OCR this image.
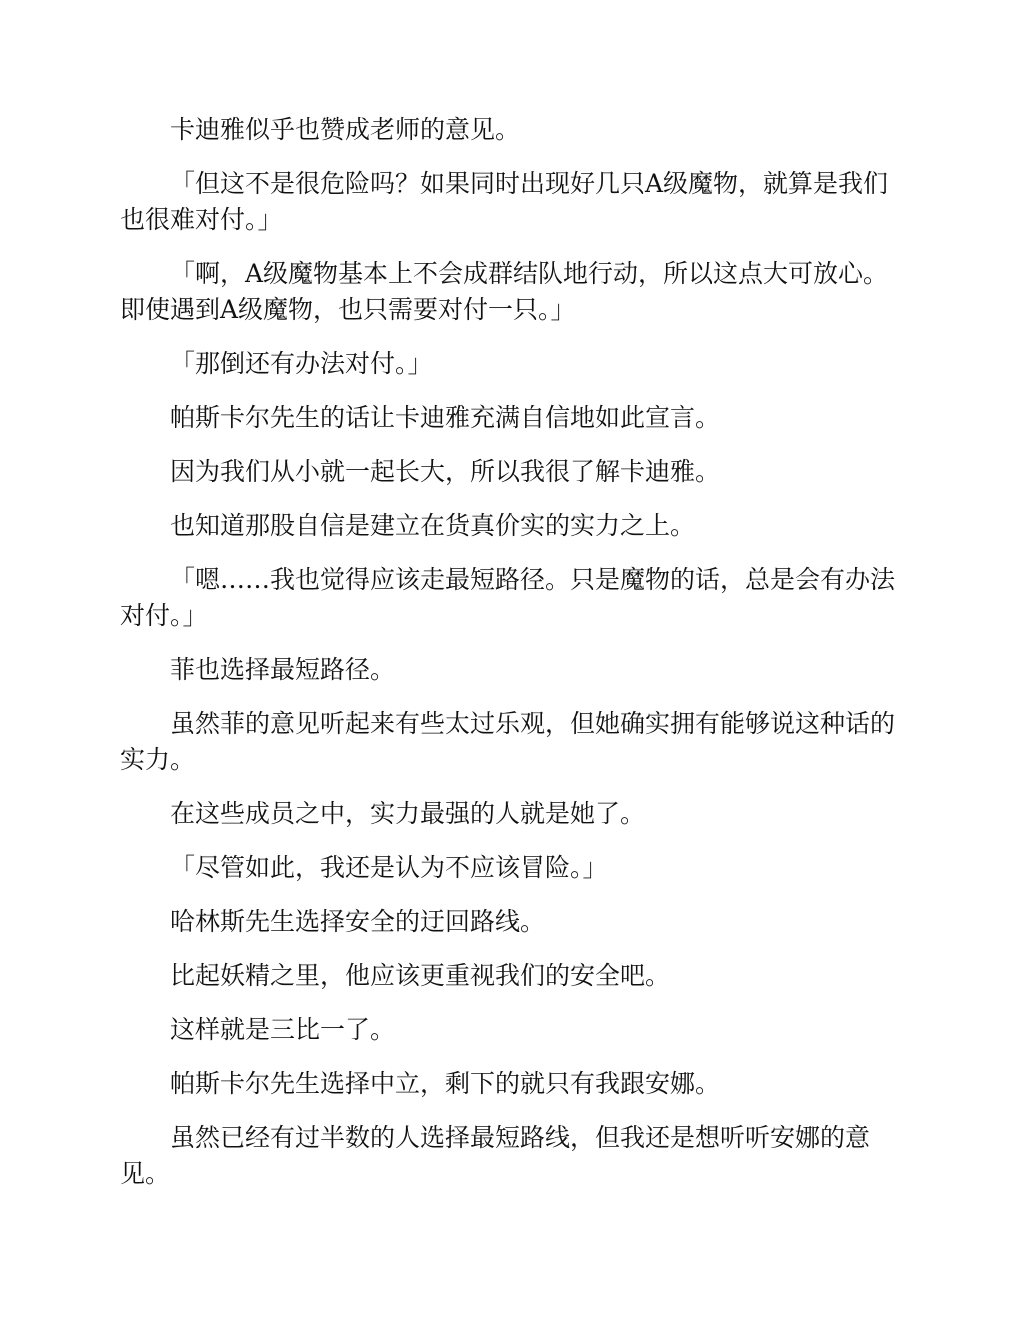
卡迪雅似乎也赞成老师的意见。

「但这不是很危险吗？如果同时出现好几只A级魔物，就算是我们也很难对付。」

「啊，A级魔物基本上不会成群结队地行动，所以这点大可放心。即使遇到A级魔物，也只需要对付一只。」

「那倒还有办法对付。」

帕斯卡尔先生的话让卡迪雅充满自信地如此宣言。

因为我们从小就一起长大，所以我很了解卡迪雅。

也知道那股自信是建立在货真价实的实力之上。

「嗯……我也觉得应该走最短路径。只是魔物的话，总是会有办法对付。」

菲也选择最短路径。

虽然菲的意见听起来有些太过乐观，但她确实拥有能够说这种话的实力。

在这些成员之中，实力最强的人就是她了。

「尽管如此，我还是认为不应该冒险。」

哈林斯先生选择安全的迂回路线。

比起妖精之里，他应该更重视我们的安全吧。

这样就是三比一了。

帕斯卡尔先生选择中立，剩下的就只有我跟安娜。

虽然已经有过半数的人选择最短路线，但我还是想听听安娜的意见。
